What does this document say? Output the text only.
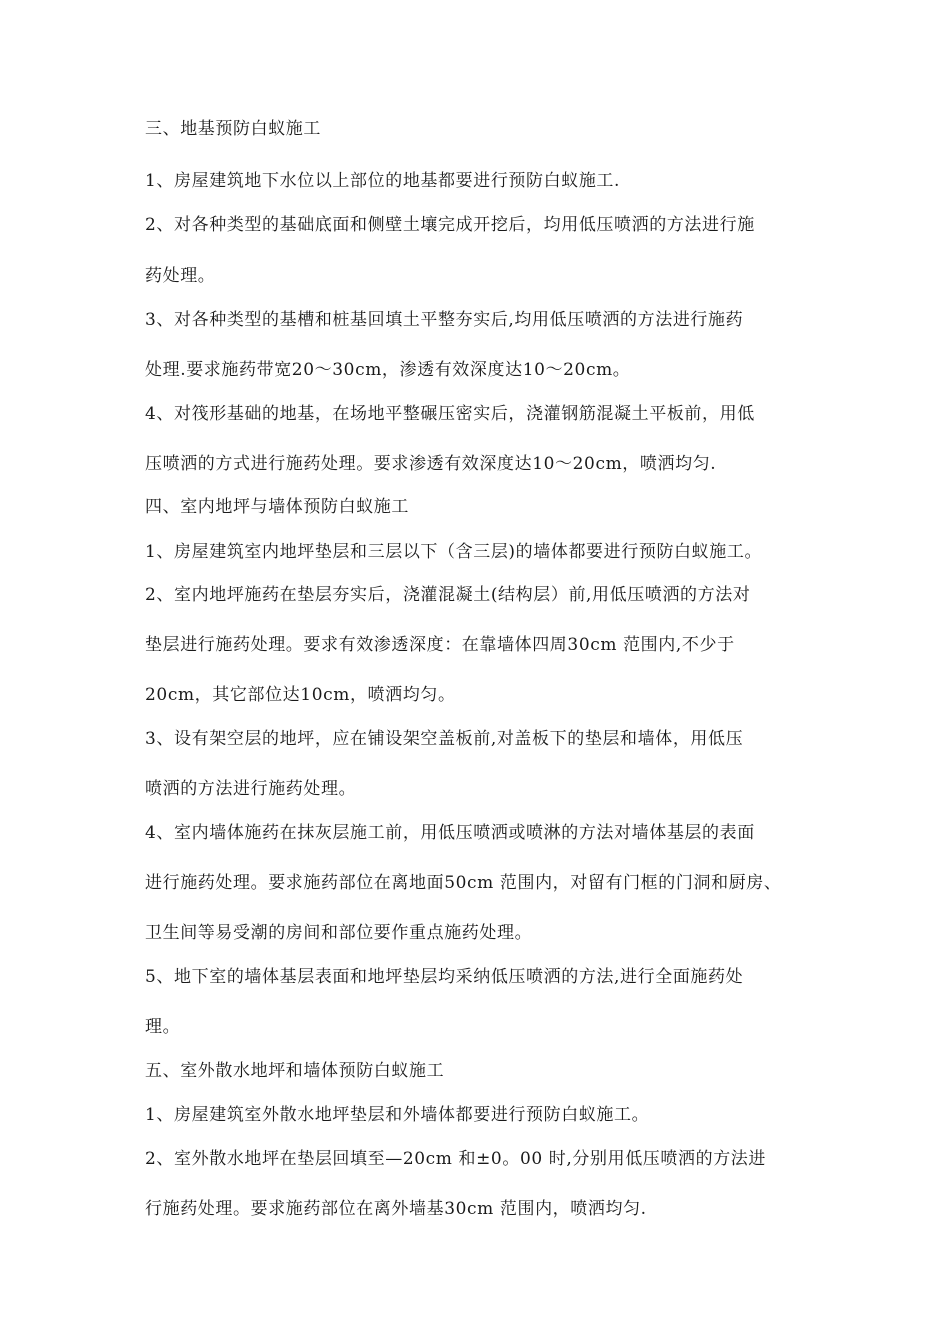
三、地基预防白蚁施工
1、房屋建筑地下水位以上部位的地基都要进行预防白蚁施工.
2、对各种类型的基础底面和侧壁土壤完成开挖后，均用低压喷洒的方法进行施
药处理。
3、对各种类型的基槽和桩基回填土平整夯实后,均用低压喷洒的方法进行施药
处理.要求施药带宽20～30cm，渗透有效深度达10～20cm。
4、对筏形基础的地基，在场地平整碾压密实后，浇灌钢筋混凝土平板前，用低
压喷洒的方式进行施药处理。要求渗透有效深度达10～20cm，喷洒均匀.
四、室内地坪与墙体预防白蚁施工
1、房屋建筑室内地坪垫层和三层以下（含三层)的墙体都要进行预防白蚁施工。
2、室内地坪施药在垫层夯实后，浇灌混凝土(结构层）前,用低压喷洒的方法对
垫层进行施药处理。要求有效渗透深度：在靠墙体四周30cm 范围内,不少于
20cm，其它部位达10cm，喷洒均匀。
3、设有架空层的地坪，应在铺设架空盖板前,对盖板下的垫层和墙体，用低压
喷洒的方法进行施药处理。
4、室内墙体施药在抹灰层施工前，用低压喷洒或喷淋的方法对墙体基层的表面
进行施药处理。要求施药部位在离地面50cm 范围内，对留有门框的门洞和厨房、
卫生间等易受潮的房间和部位要作重点施药处理。
5、地下室的墙体基层表面和地坪垫层均采纳低压喷洒的方法,进行全面施药处
理。
五、室外散水地坪和墙体预防白蚁施工
1、房屋建筑室外散水地坪垫层和外墙体都要进行预防白蚁施工。
2、室外散水地坪在垫层回填至—20cm 和±0。00 时,分别用低压喷洒的方法进
行施药处理。要求施药部位在离外墙基30cm 范围内，喷洒均匀.
